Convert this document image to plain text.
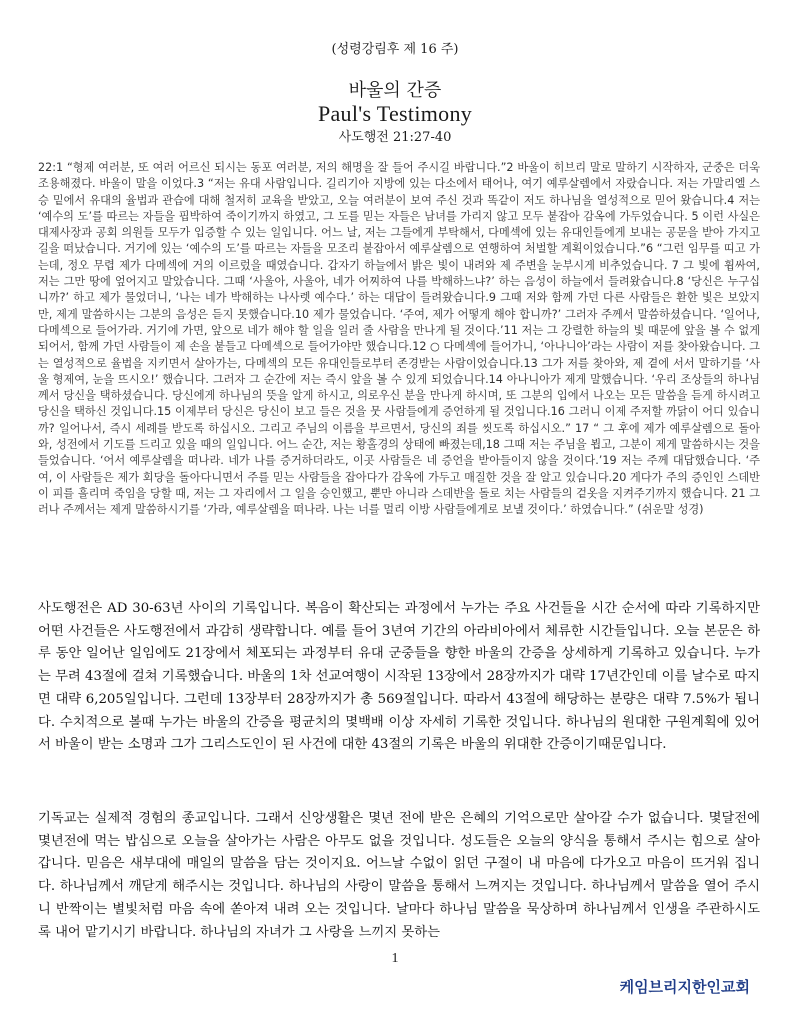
(성령강림후 제 16 주)
바울의 간증
Paul's Testimony
사도행전 21:27-40
22:1 “형제 여러분, 또 여러 어르신 되시는 동포 여러분, 저의 해명을 잘 들어 주시길 바랍니다.”2 바울이 히브리 말로 말하기 시작하자, 군중은 더욱 조용해졌다. 바울이 말을 이었다.3 “저는 유대 사람입니다. 길리기아 지방에 있는 다소에서 태어나, 여기 예루살렘에서 자랐습니다. 저는 가말리엘 스승 밑에서 유대의 율법과 관습에 대해 철저히 교육을 받았고, 오늘 여러분이 보여 주신 것과 똑같이 저도 하나님을 열성적으로 믿어 왔습니다.4 저는 ‘예수의 도’를 따르는 자들을 핍박하여 죽이기까지 하였고, 그 도를 믿는 자들은 남녀를 가리지 않고 모두 붙잡아 감옥에 가두었습니다. 5 이런 사실은 대제사장과 공회 의원들 모두가 입증할 수 있는 일입니다. 어느 날, 저는 그들에게 부탁해서, 다메섹에 있는 유대인들에게 보내는 공문을 받아 가지고 길을 떠났습니다. 거기에 있는 ‘예수의 도’를 따르는 자들을 모조리 붙잡아서 예루살렘으로 연행하여 처벌할 계획이었습니다.”6 “그런 임무를 띠고 가는데, 정오 무렵 제가 다메섹에 거의 이르렀을 때였습니다. 갑자기 하늘에서 밝은 빛이 내려와 제 주변을 눈부시게 비추었습니다. 7 그 빛에 휩싸여, 저는 그만 땅에 엎어지고 말았습니다. 그때 ‘사울아, 사울아, 네가 어찌하여 나를 박해하느냐?’ 하는 음성이 하늘에서 들려왔습니다.8 ‘당신은 누구십니까?’ 하고 제가 물었더니, ‘나는 네가 박해하는 나사렛 예수다.’ 하는 대답이 들려왔습니다.9 그때 저와 함께 가던 다른 사람들은 환한 빛은 보았지만, 제게 말씀하시는 그분의 음성은 듣지 못했습니다.10 제가 물었습니다. ‘주여, 제가 어떻게 해야 합니까?’ 그러자 주께서 말씀하셨습니다. ‘일어나, 다메섹으로 들어가라. 거기에 가면, 앞으로 네가 해야 할 일을 일러 줄 사람을 만나게 될 것이다.’11 저는 그 강렬한 하늘의 빛 때문에 앞을 볼 수 없게 되어서, 함께 가던 사람들이 제 손을 붙들고 다메섹으로 들어가야만 했습니다.12 ○ 다메섹에 들어가니, ‘아나니아’라는 사람이 저를 찾아왔습니다. 그는 열성적으로 율법을 지키면서 살아가는, 다메섹의 모든 유대인들로부터 존경받는 사람이었습니다.13 그가 저를 찾아와, 제 곁에 서서 말하기를 ‘사울 형제여, 눈을 뜨시오!’ 했습니다. 그러자 그 순간에 저는 즉시 앞을 볼 수 있게 되었습니다.14 아나니아가 제게 말했습니다. ‘우리 조상들의 하나님께서 당신을 택하셨습니다. 당신에게 하나님의 뜻을 알게 하시고, 의로우신 분을 만나게 하시며, 또 그분의 입에서 나오는 모든 말씀을 듣게 하시려고 당신을 택하신 것입니다.15 이제부터 당신은 당신이 보고 들은 것을 뭇 사람들에게 증언하게 될 것입니다.16 그러니 이제 주저할 까닭이 어디 있습니까? 일어나서, 즉시 세례를 받도록 하십시오. 그리고 주님의 이름을 부르면서, 당신의 죄를 씻도록 하십시오.” 17 “ 그 후에 제가 예루살렘으로 돌아와, 성전에서 기도를 드리고 있을 때의 일입니다. 어느 순간, 저는 황홀경의 상태에 빠졌는데,18 그때 저는 주님을 뵙고, 그분이 제게 말씀하시는 것을 들었습니다. ‘어서 예루살렘을 떠나라. 네가 나를 증거하더라도, 이곳 사람들은 네 증언을 받아들이지 않을 것이다.’19 저는 주께 대답했습니다. ‘주여, 이 사람들은 제가 회당을 돌아다니면서 주를 믿는 사람들을 잡아다가 감옥에 가두고 매질한 것을 잘 알고 있습니다.20 게다가 주의 증인인 스데반이 피를 흘리며 죽임을 당할 때, 저는 그 자리에서 그 일을 승인했고, 뿐만 아니라 스데반을 돌로 치는 사람들의 겉옷을 지켜주기까지 했습니다. 21 그러나 주께서는 제게 말씀하시기를 ‘가라, 예루살렘을 떠나라. 나는 너를 멀리 이방 사람들에게로 보낼 것이다.’ 하였습니다.” (쉬운말 성경)
사도행전은 AD 30-63년 사이의 기록입니다. 복음이 확산되는 과정에서 누가는 주요 사건들을 시간 순서에 따라 기록하지만 어떤 사건들은 사도행전에서 과감히 생략합니다. 예를 들어 3년여 기간의 아라비아에서 체류한 시간들입니다. 오늘 본문은 하루 동안 일어난 일임에도 21장에서 체포되는 과정부터 유대 군중들을 향한 바울의 간증을 상세하게 기록하고 있습니다. 누가는 무려 43절에 걸쳐 기록했습니다. 바울의 1차 선교여행이 시작된 13장에서 28장까지가 대략 17년간인데 이를 날수로 따지면 대략 6,205일입니다. 그런데 13장부터 28장까지가 총 569절입니다. 따라서 43절에 해당하는 분량은 대략 7.5%가 됩니다. 수치적으로 볼때 누가는 바울의 간증을 평균치의 몇백배 이상 자세히 기록한 것입니다. 하나님의 원대한 구원계획에 있어서 바울이 받는 소명과 그가 그리스도인이 된 사건에 대한 43절의 기록은 바울의 위대한 간증이기때문입니다.
기독교는 실제적 경험의 종교입니다. 그래서 신앙생활은 몇년 전에 받은 은혜의 기억으로만 살아갈 수가 없습니다. 몇달전에 몇년전에 먹는 밥심으로 오늘을 살아가는 사람은 아무도 없을 것입니다. 성도들은 오늘의 양식을 통해서 주시는 힘으로 살아갑니다. 믿음은 새부대에 매일의 말씀을 담는 것이지요. 어느날 수없이 읽던 구절이 내 마음에 다가오고 마음이 뜨거워 집니다. 하나님께서 깨닫게 해주시는 것입니다. 하나님의 사랑이 말씀을 통해서 느껴지는 것입니다. 하나님께서 말씀을 열어 주시니 반짝이는 별빛처럼 마음 속에 쏟아져 내려 오는 것입니다. 날마다 하나님 말씀을 묵상하며 하나님께서 인생을 주관하시도록 내어 맡기시기 바랍니다. 하나님의 자녀가 그 사랑을 느끼지 못하는
1
케임브리지한인교회
